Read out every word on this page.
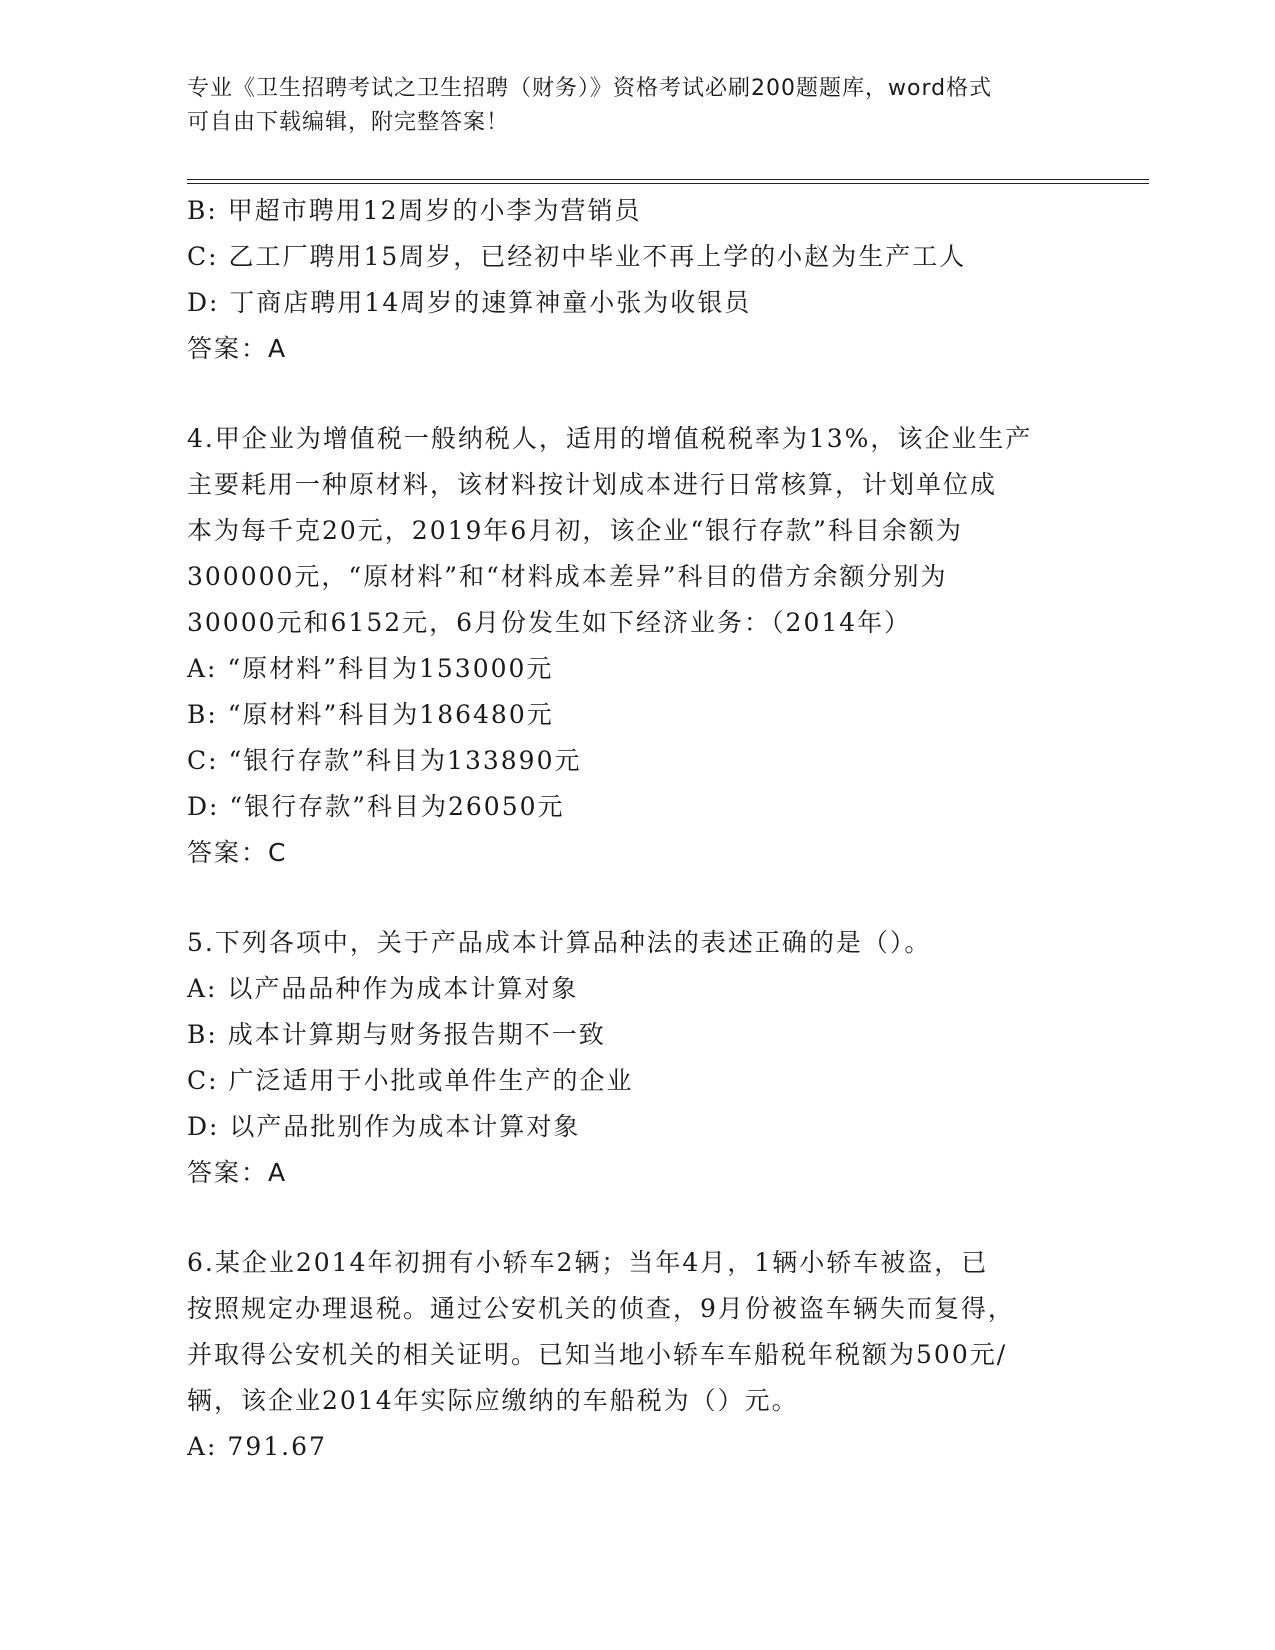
专业《卫生招聘考试之卫生招聘（财务）》资格考试必刷200题题库，word格式
可自由下载编辑，附完整答案！
B: 甲超市聘用12周岁的小李为营销员
C: 乙工厂聘用15周岁，已经初中毕业不再上学的小赵为生产工人
D: 丁商店聘用14周岁的速算神童小张为收银员
答案：A
4.甲企业为增值税一般纳税人，适用的增值税税率为13%，该企业生产
主要耗用一种原材料，该材料按计划成本进行日常核算，计划单位成
本为每千克20元，2019年6月初，该企业“银行存款”科目余额为
300000元，“原材料”和“材料成本差异”科目的借方余额分别为
30000元和6152元，6月份发生如下经济业务：（2014年）
A: “原材料”科目为153000元
B: “原材料”科目为186480元
C: “银行存款”科目为133890元
D: “银行存款”科目为26050元
答案：C
5.下列各项中，关于产品成本计算品种法的表述正确的是（）。
A: 以产品品种作为成本计算对象
B: 成本计算期与财务报告期不一致
C: 广泛适用于小批或单件生产的企业
D: 以产品批别作为成本计算对象
答案：A
6.某企业2014年初拥有小轿车2辆；当年4月，1辆小轿车被盗，已
按照规定办理退税。通过公安机关的侦查，9月份被盗车辆失而复得，
并取得公安机关的相关证明。已知当地小轿车车船税年税额为500元/
辆，该企业2014年实际应缴纳的车船税为（）元。
A: 791.67
